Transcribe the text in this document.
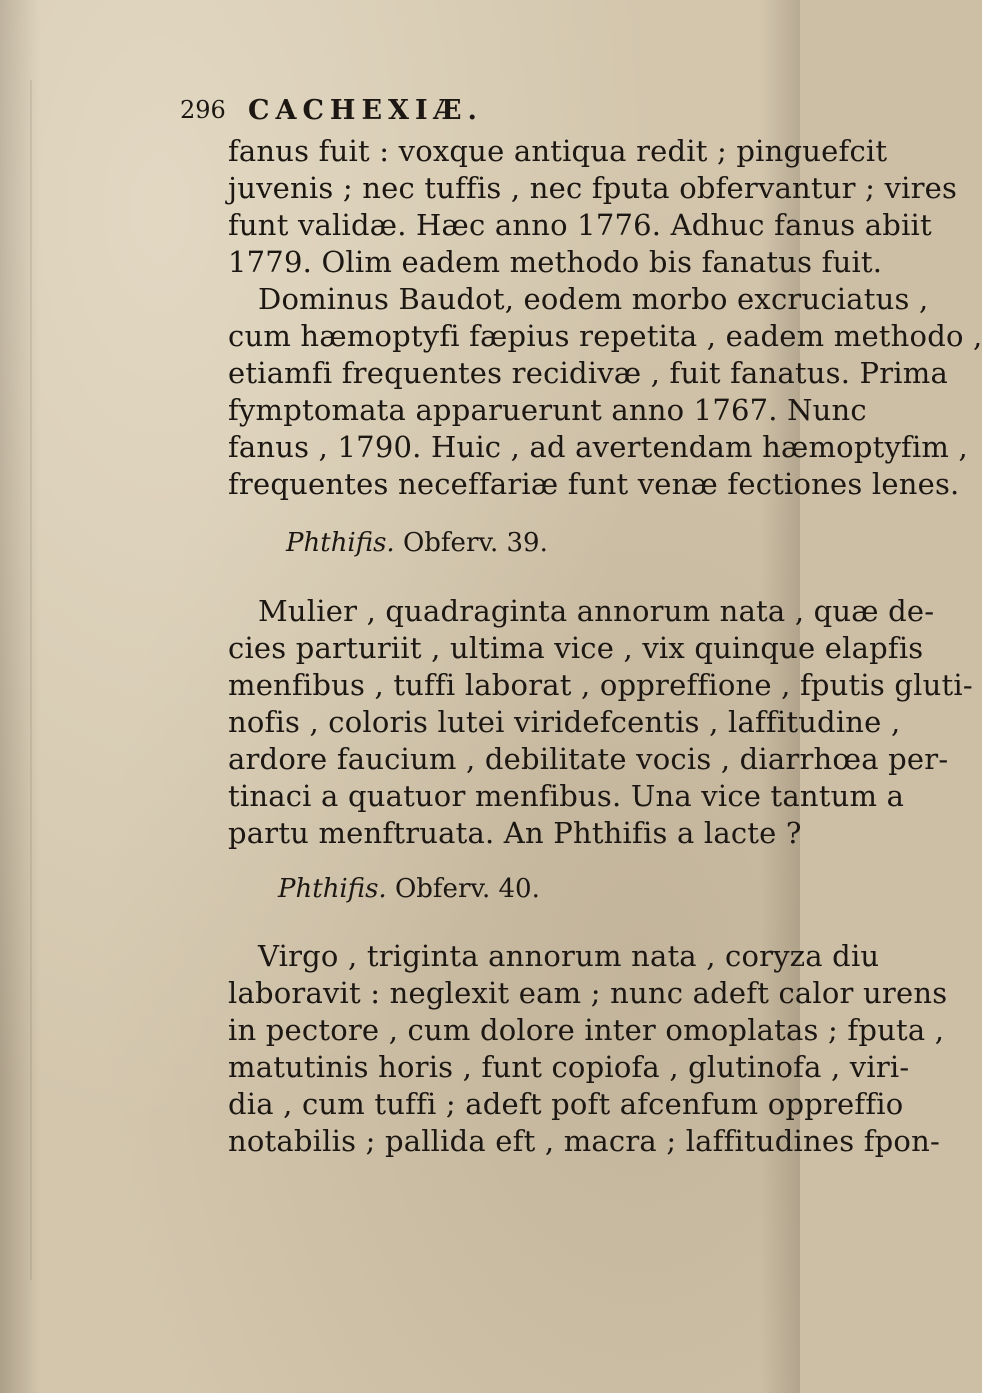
296 CACHEXIÆ.
fanus fuit : voxque antiqua redit ; pinguefcit
juvenis ; nec tuffis , nec fputa obfervantur ; vires
funt validæ. Hæc anno 1776. Adhuc fanus abiit
1779. Olim eadem methodo bis fanatus fuit.
Dominus Baudot, eodem morbo excruciatus ,
cum hæmoptyfi fæpius repetita , eadem methodo ,
etiamfi frequentes recidivæ , fuit fanatus. Prima
fymptomata apparuerunt anno 1767. Nunc
fanus , 1790. Huic , ad avertendam hæmoptyfim ,
frequentes neceffariæ funt venæ fectiones lenes.
Phthifis. Obferv. 39.
Mulier , quadraginta annorum nata , quæ de-
cies parturiit , ultima vice , vix quinque elapfis
menfibus , tuffi laborat , oppreffione , fputis gluti-
nofis , coloris lutei viridefcentis , laffitudine ,
ardore faucium , debilitate vocis , diarrhœa per-
tinaci a quatuor menfibus. Una vice tantum a
partu menftruata. An Phthifis a lacte ?
Phthifis. Obferv. 40.
Virgo , triginta annorum nata , coryza diu
laboravit : neglexit eam ; nunc adeft calor urens
in pectore , cum dolore inter omoplatas ; fputa ,
matutinis horis , funt copiofa , glutinofa , viri-
dia , cum tuffi ; adeft poft afcenfum oppreffio
notabilis ; pallida eft , macra ; laffitudines fpon-
